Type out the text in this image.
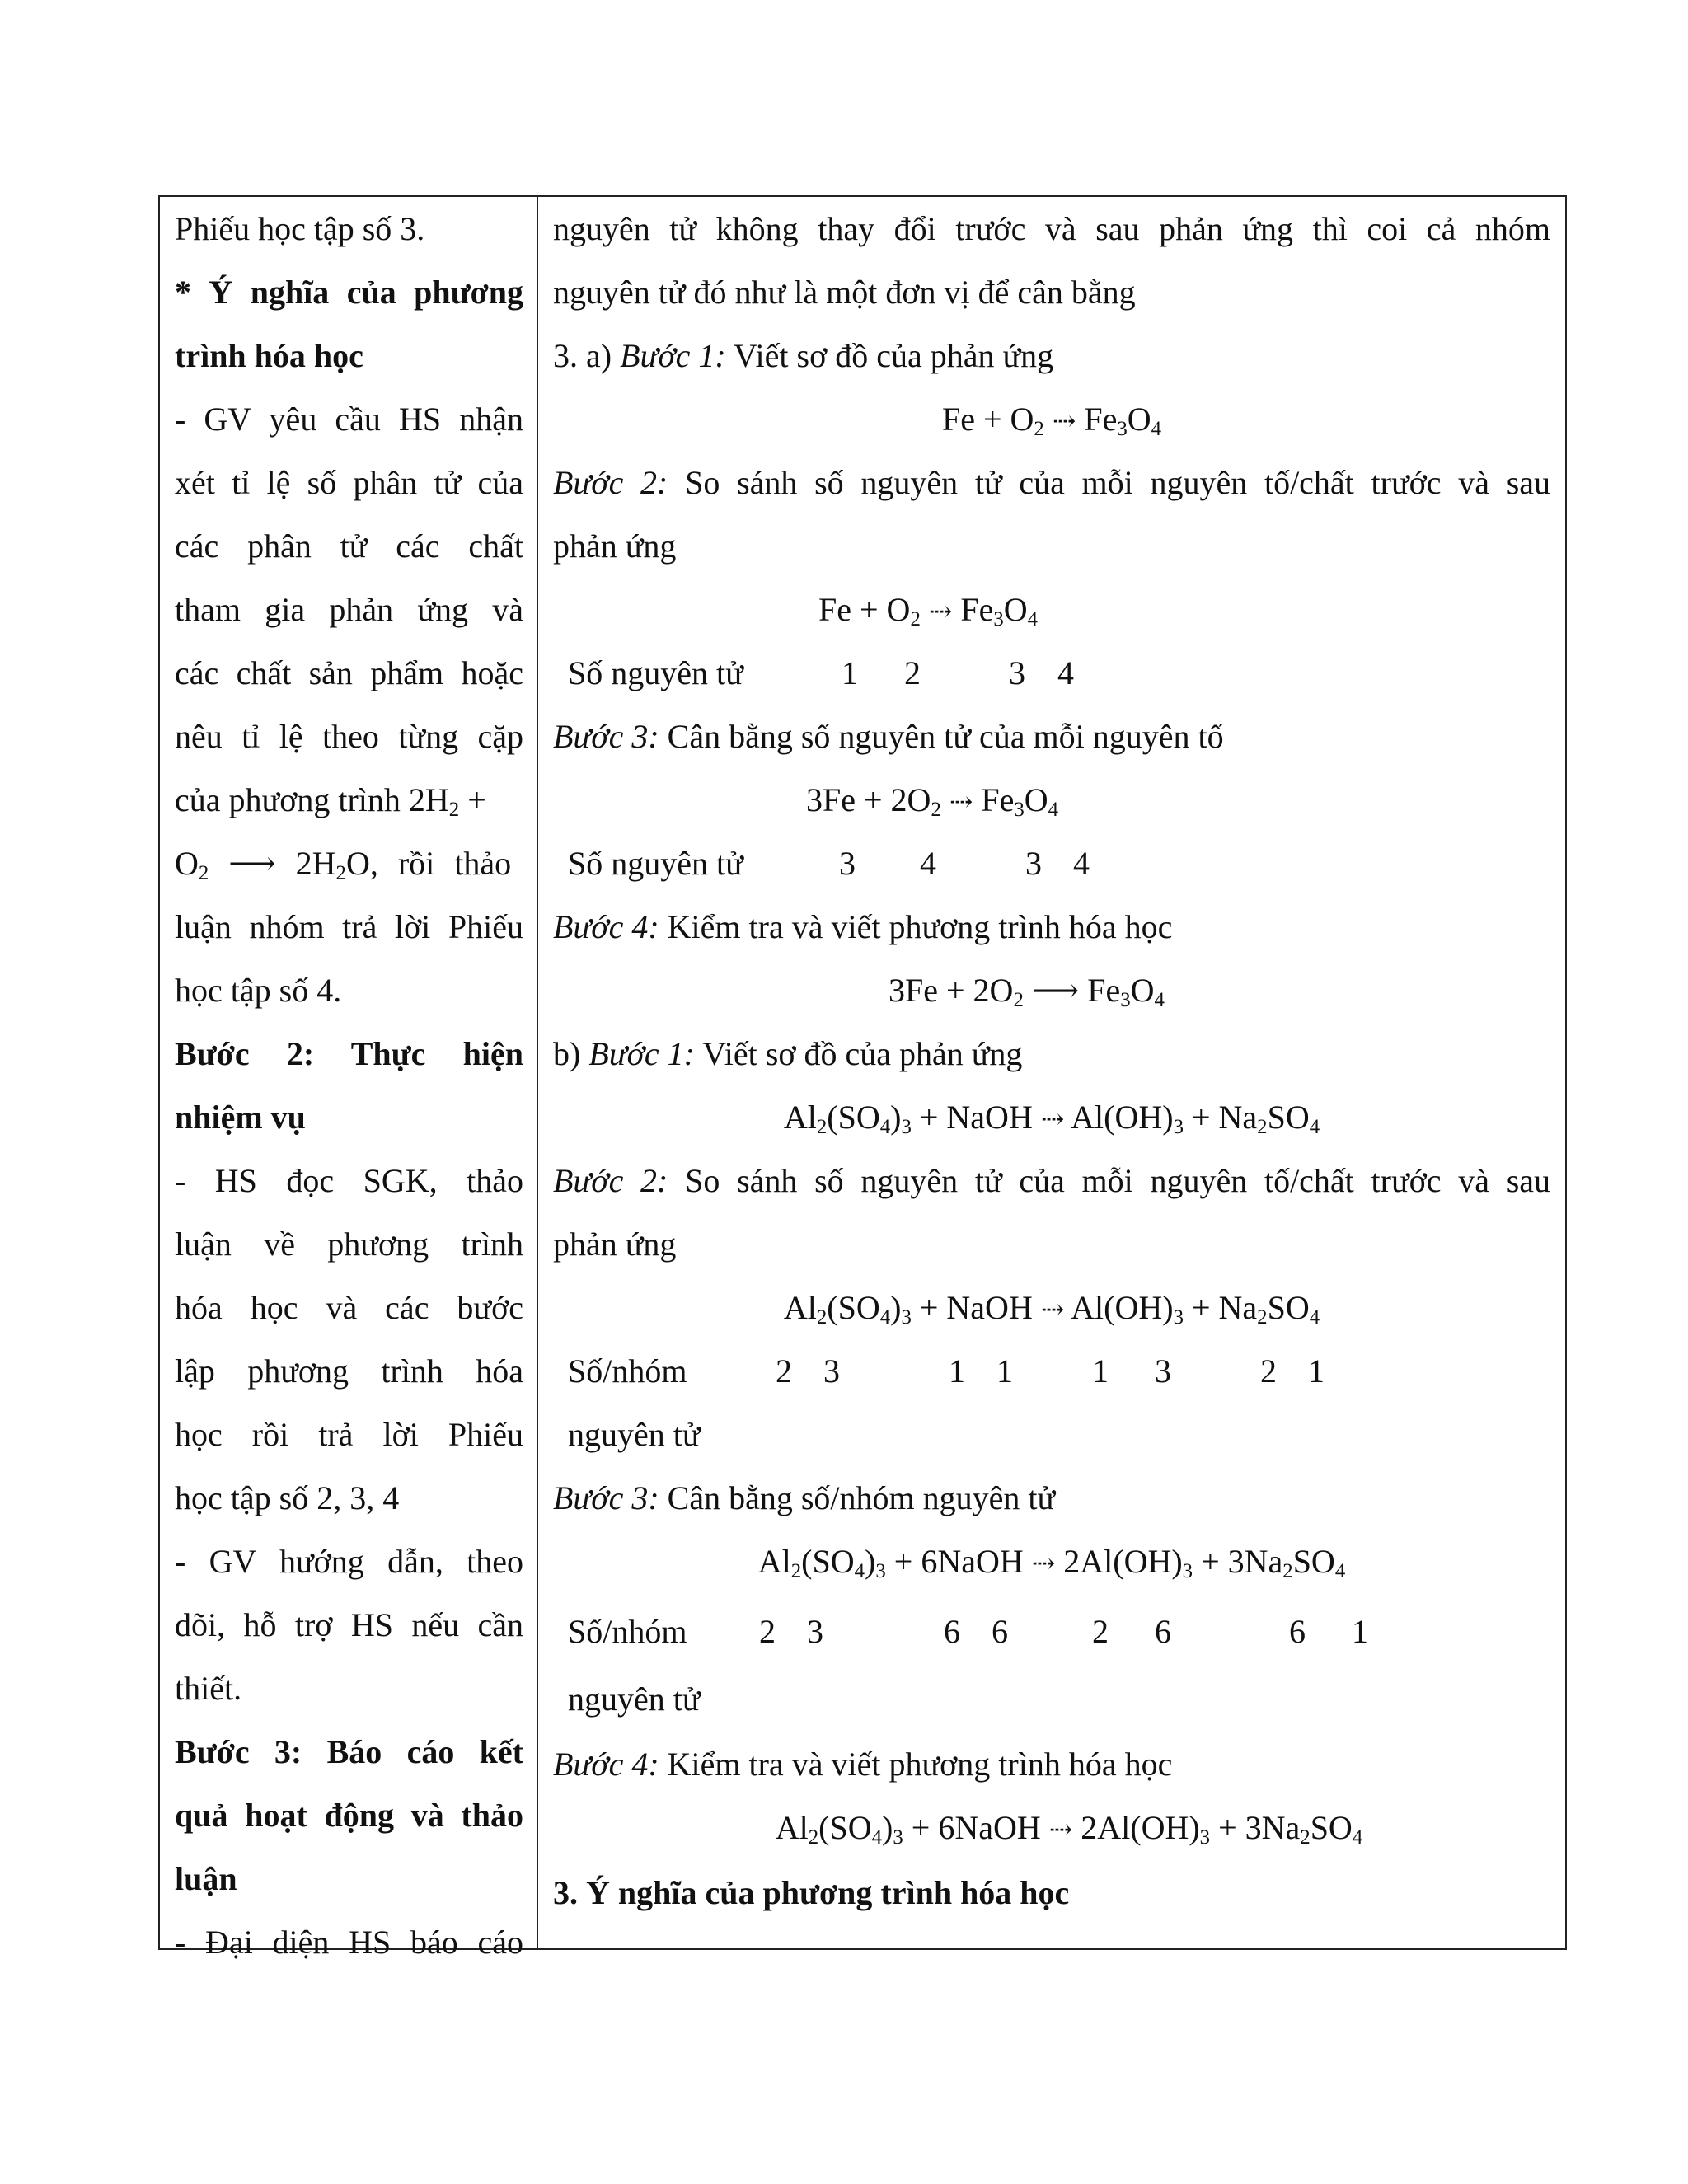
Phiếu học tập số 3.
* Ý nghĩa của phương
trình hóa học
- GV yêu cầu HS nhận
xét tỉ lệ số phân tử của
các phân tử các chất
tham gia phản ứng và
các chất sản phẩm hoặc
nêu tỉ lệ theo từng cặp
của phương trình $2H_2$ +
$O_2$ ⟶ $2H_2O$, rồi thảo
luận nhóm trả lời Phiếu
học tập số 4.
Bước 2: Thực hiện
nhiệm vụ
- HS đọc SGK, thảo
luận về phương trình
hóa học và các bước
lập phương trình hóa
học rồi trả lời Phiếu
học tập số 2, 3, 4
- GV hướng dẫn, theo
dõi, hỗ trợ HS nếu cần
thiết.
Bước 3: Báo cáo kết
quả hoạt động và thảo
luận
- Đại diện HS báo cáo
nguyên tử không thay đổi trước và sau phản ứng thì coi cả nhóm
nguyên tử đó như là một đơn vị để cân bằng
3. a) Bước 1: Viết sơ đồ của phản ứng
$Fe + O_2$ ⇢ $Fe_3O_4$
Bước 2: So sánh số nguyên tử của mỗi nguyên tố/chất trước và sau
phản ứng
$Fe + O_2$ ⇢ $Fe_3O_4$
Số nguyên tử	1 2	3 4
Bước 3: Cân bằng số nguyên tử của mỗi nguyên tố
$3Fe + 2O_2$ ⇢ $Fe_3O_4$
Số nguyên tử	3 4	3 4
Bước 4: Kiểm tra và viết phương trình hóa học
$3Fe + 2O_2$ ⟶ $Fe_3O_4$
b) Bước 1: Viết sơ đồ của phản ứng
$Al_2(SO_4)_3$ + NaOH ⇢ $Al(OH)_3 + Na_2SO_4$
Bước 2: So sánh số nguyên tử của mỗi nguyên tố/chất trước và sau
phản ứng
$Al_2(SO_4)_3$ + NaOH ⇢ $Al(OH)_3 + Na_2SO_4$
Số/nhóm	2 3	1 1 1 3	2 1
nguyên tử
Bước 3: Cân bằng số/nhóm nguyên tử
$Al_2(SO_4)_3$ + 6NaOH ⇢ $2Al(OH)_3 + 3Na_2SO_4$
Số/nhóm 2 3	6 6	2 6	6 1
nguyên tử
Bước 4: Kiểm tra và viết phương trình hóa học
$Al_2(SO_4)_3$ + 6NaOH ⇢ $2Al(OH)_3 + 3Na_2SO_4$
3. Ý nghĩa của phương trình hóa học
